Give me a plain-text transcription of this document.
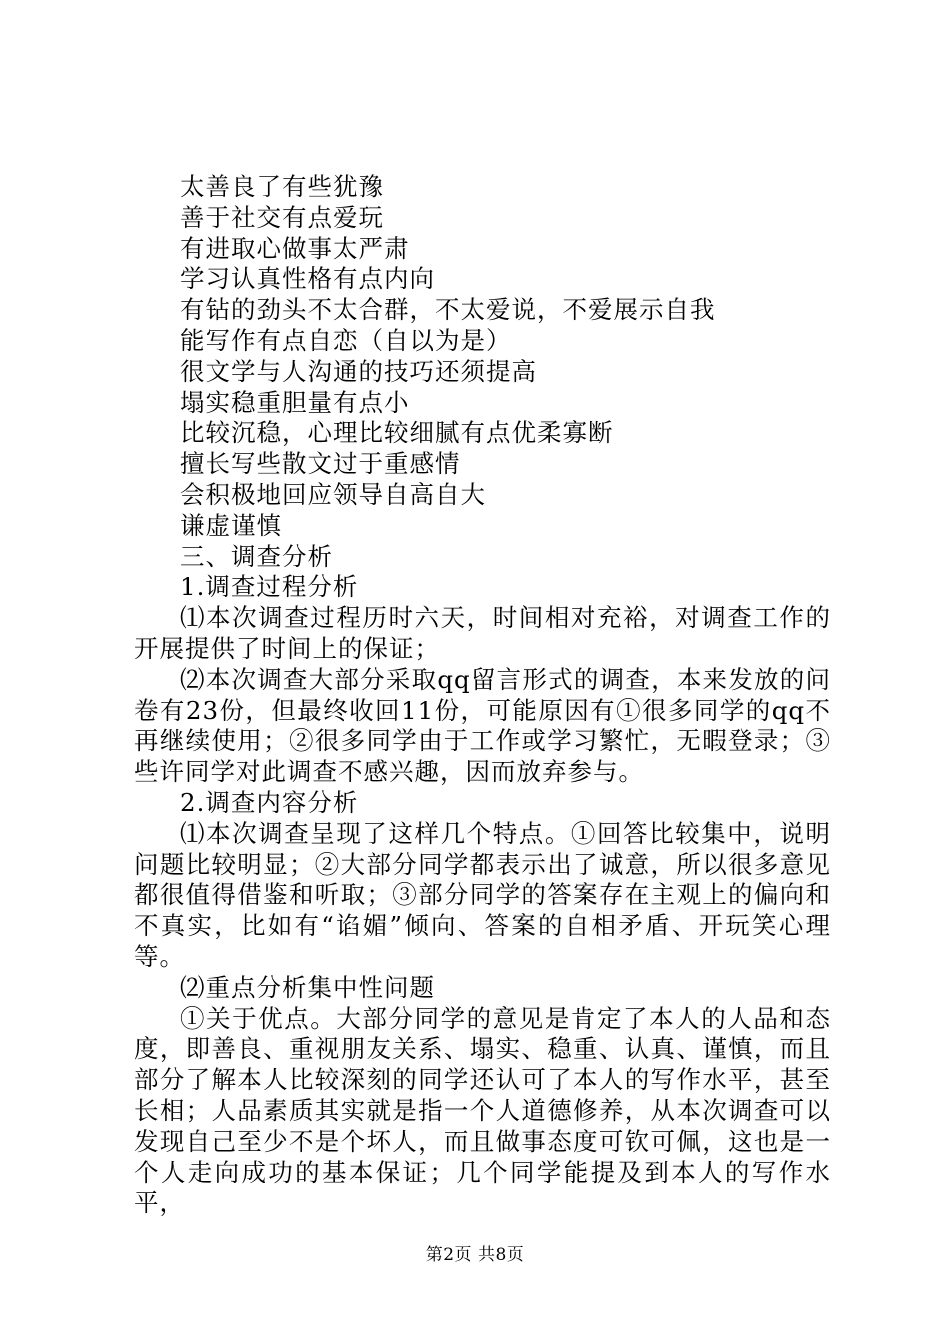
太善良了有些犹豫
善于社交有点爱玩
有进取心做事太严肃
学习认真性格有点内向
有钻的劲头不太合群，不太爱说，不爱展示自我
能写作有点自恋（自以为是）
很文学与人沟通的技巧还须提高
塌实稳重胆量有点小
比较沉稳，心理比较细腻有点优柔寡断
擅长写些散文过于重感情
会积极地回应领导自高自大
谦虚谨慎
三、调查分析
1.调查过程分析

⑴本次调查过程历时六天，时间相对充裕，对调查工作的开展提供了时间上的保证；

⑵本次调查大部分采取qq留言形式的调查，本来发放的问卷有23份，但最终收回11份，可能原因有①很多同学的qq不再继续使用；②很多同学由于工作或学习繁忙，无暇登录；③些许同学对此调查不感兴趣，因而放弃参与。

2.调查内容分析

⑴本次调查呈现了这样几个特点。①回答比较集中，说明问题比较明显；②大部分同学都表示出了诚意，所以很多意见都很值得借鉴和听取；③部分同学的答案存在主观上的偏向和不真实，比如有“谄媚”倾向、答案的自相矛盾、开玩笑心理等。

⑵重点分析集中性问题

①关于优点。大部分同学的意见是肯定了本人的人品和态度，即善良、重视朋友关系、塌实、稳重、认真、谨慎，而且部分了解本人比较深刻的同学还认可了本人的写作水平，甚至长相；人品素质其实就是指一个人道德修养，从本次调查可以发现自己至少不是个坏人，而且做事态度可钦可佩，这也是一个人走向成功的基本保证；几个同学能提及到本人的写作水平，

第2页 共8页
